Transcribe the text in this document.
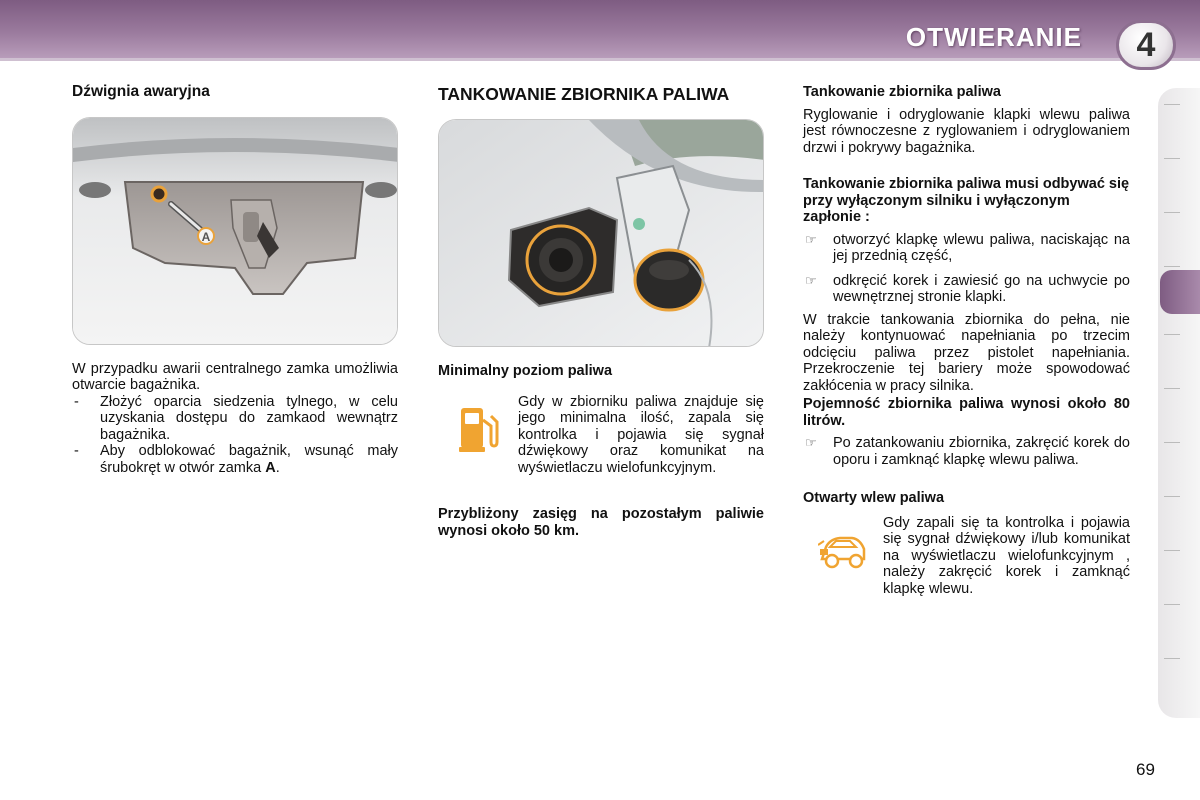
OTWIERANIE	4
Dźwignia awaryjna
A

W przypadku awarii centralnego zamka umożliwia otwarcie bagażnika.

-	Złożyć oparcia siedzenia tylnego, w celu uzyskania dostępu do zamkaod wewnątrz bagażnika.
-	Aby odblokować bagażnik, wsunąć mały śrubokręt w otwór zamka A.
TANKOWANIE ZBIORNIKA PALIWA
Minimalny poziom paliwa

Gdy w zbiorniku paliwa znajduje się jego minimalna ilość, zapala się kontrolka i pojawia się sygnał dźwiękowy oraz komunikat na wyświetlaczu wielofunkcyjnym.

Przybliżony zasięg na pozostałym paliwie wynosi około 50 km.

Tankowanie zbiornika paliwa

Ryglowanie i odryglowanie klapki wlewu paliwa jest równoczesne z ryglowaniem i odryglowaniem drzwi i pokrywy bagażnika.

Tankowanie zbiornika paliwa musi odbywać się przy wyłączonym silniku i wyłączonym zapłonie :
☞	otworzyć klapkę wlewu paliwa, naciskając na jej przednią część,
☞	odkręcić korek i zawiesić go na uchwycie po wewnętrznej stronie klapki.

W trakcie tankowania zbiornika do pełna, nie należy kontynuować napełniania po trzecim odcięciu paliwa przez pistolet napełniania. Przekroczenie tej bariery może spowodować zakłócenia w pracy silnika.

Pojemność zbiornika paliwa wynosi około 80 litrów.

☞	Po zatankowaniu zbiornika, zakręcić korek do oporu i zamknąć klapkę wlewu paliwa.
Otwarty wlew paliwa

Gdy zapali się ta kontrolka i pojawia się sygnał dźwiękowy i/lub komunikat na wyświetlaczu wielofunkcyjnym , należy zakręcić korek i zamknąć klapkę wlewu.

69
